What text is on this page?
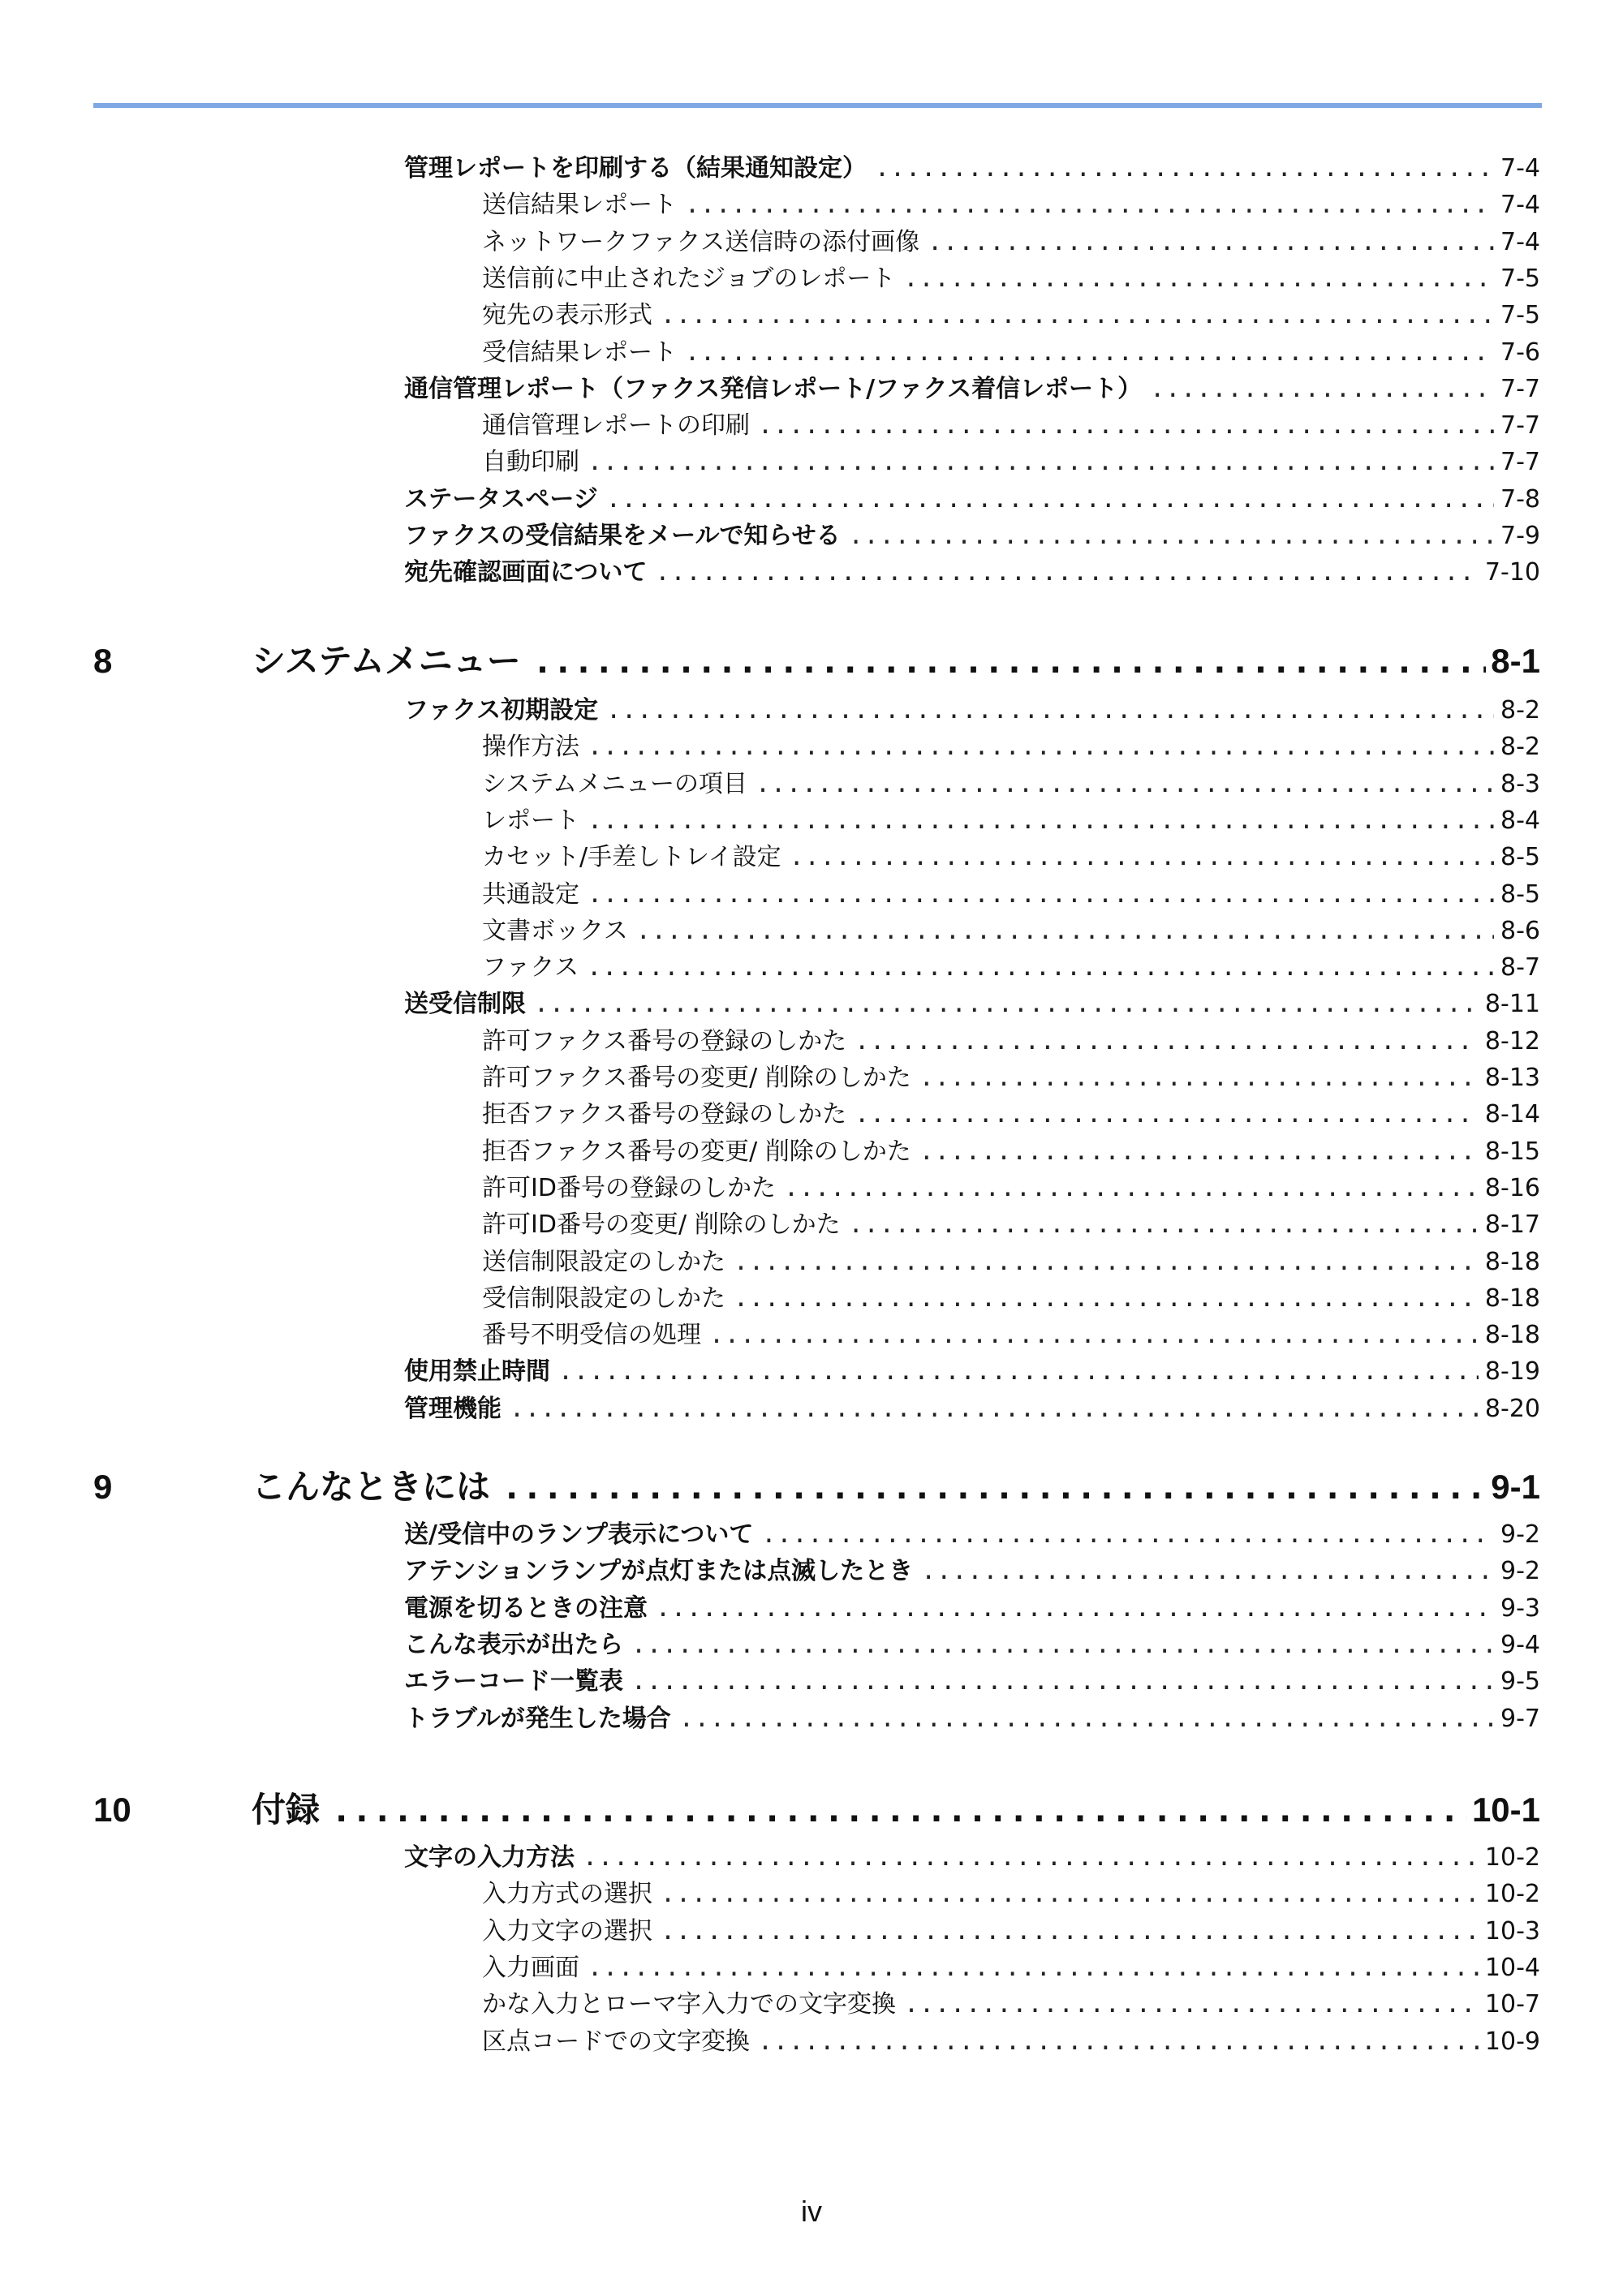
管理レポートを印刷する（結果通知設定） .....	7-4
送信結果レポート .....	7-4
ネットワークファクス送信時の添付画像 .....	7-4
送信前に中止されたジョブのレポート .....	7-5
宛先の表示形式 .....	7-5
受信結果レポート .....	7-6
通信管理レポート（ファクス発信レポート/ファクス着信レポート） .....	7-7
通信管理レポートの印刷 .....	7-7
自動印刷 .....	7-7
ステータスページ .....	7-8
ファクスの受信結果をメールで知らせる .....	7-9
宛先確認画面について .....	7-10
8	システムメニュー .....	8-1
ファクス初期設定 .....	8-2
操作方法 .....	8-2
システムメニューの項目 .....	8-3
レポート .....	8-4
カセット/手差しトレイ設定 .....	8-5
共通設定 .....	8-5
文書ボックス .....	8-6
ファクス .....	8-7
送受信制限 .....	8-11
許可ファクス番号の登録のしかた .....	8-12
許可ファクス番号の変更/ 削除のしかた .....	8-13
拒否ファクス番号の登録のしかた .....	8-14
拒否ファクス番号の変更/ 削除のしかた .....	8-15
許可ID番号の登録のしかた .....	8-16
許可ID番号の変更/ 削除のしかた .....	8-17
送信制限設定のしかた .....	8-18
受信制限設定のしかた .....	8-18
番号不明受信の処理 .....	8-18
使用禁止時間 .....	8-19
管理機能 .....	8-20
9	こんなときには .....	9-1
送/受信中のランプ表示について .....	9-2
アテンションランプが点灯または点滅したとき .....	9-2
電源を切るときの注意 .....	9-3
こんな表示が出たら .....	9-4
エラーコード一覧表 .....	9-5
トラブルが発生した場合 .....	9-7
10	付録 .....	10-1
文字の入力方法 .....	10-2
入力方式の選択 .....	10-2
入力文字の選択 .....	10-3
入力画面 .....	10-4
かな入力とローマ字入力での文字変換 .....	10-7
区点コードでの文字変換 .....	10-9
iv
